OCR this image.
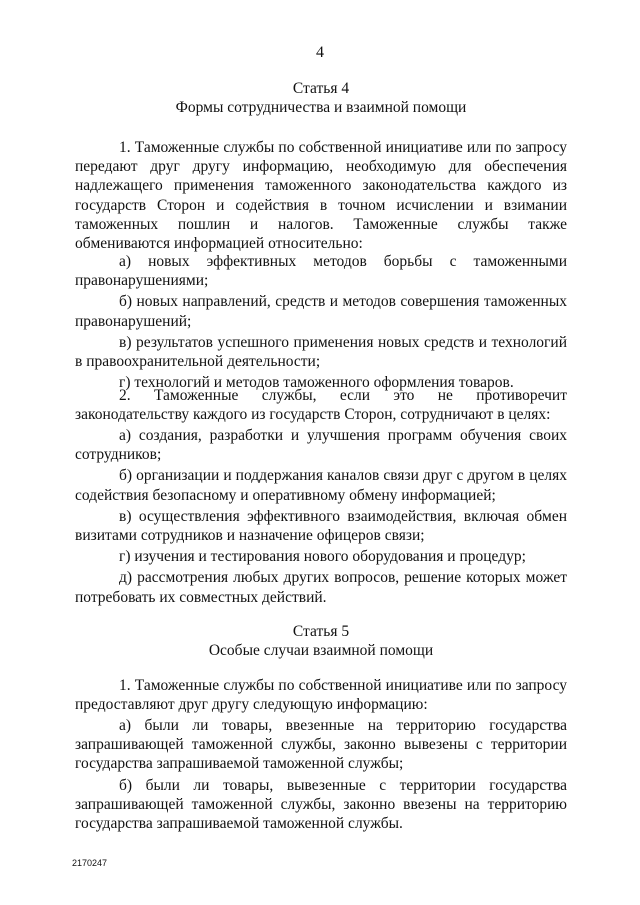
4
Статья 4
Формы сотрудничества и взаимной помощи

1. Таможенные службы по собственной инициативе или по запросу передают друг другу информацию, необходимую для обеспечения надлежащего применения таможенного законодательства каждого из государств Сторон и содействия в точном исчислении и взимании таможенных пошлин и налогов. Таможенные службы также обмениваются информацией относительно:

а) новых эффективных методов борьбы с таможенными правонарушениями;

б) новых направлений, средств и методов совершения таможенных правонарушений;

в) результатов успешного применения новых средств и технологий в правоохранительной деятельности;

г) технологий и методов таможенного оформления товаров.

2. Таможенные службы, если это не противоречит законодательству каждого из государств Сторон, сотрудничают в целях:

а) создания, разработки и улучшения программ обучения своих сотрудников;

б) организации и поддержания каналов связи друг с другом в целях содействия безопасному и оперативному обмену информацией;

в) осуществления эффективного взаимодействия, включая обмен визитами сотрудников и назначение офицеров связи;

г) изучения и тестирования нового оборудования и процедур;

д) рассмотрения любых других вопросов, решение которых может потребовать их совместных действий.

Статья 5
Особые случаи взаимной помощи

1. Таможенные службы по собственной инициативе или по запросу предоставляют друг другу следующую информацию:

а) были ли товары, ввезенные на территорию государства запрашивающей таможенной службы, законно вывезены с территории государства запрашиваемой таможенной службы;

б) были ли товары, вывезенные с территории государства запрашивающей таможенной службы, законно ввезены на территорию государства запрашиваемой таможенной службы.

2170247
